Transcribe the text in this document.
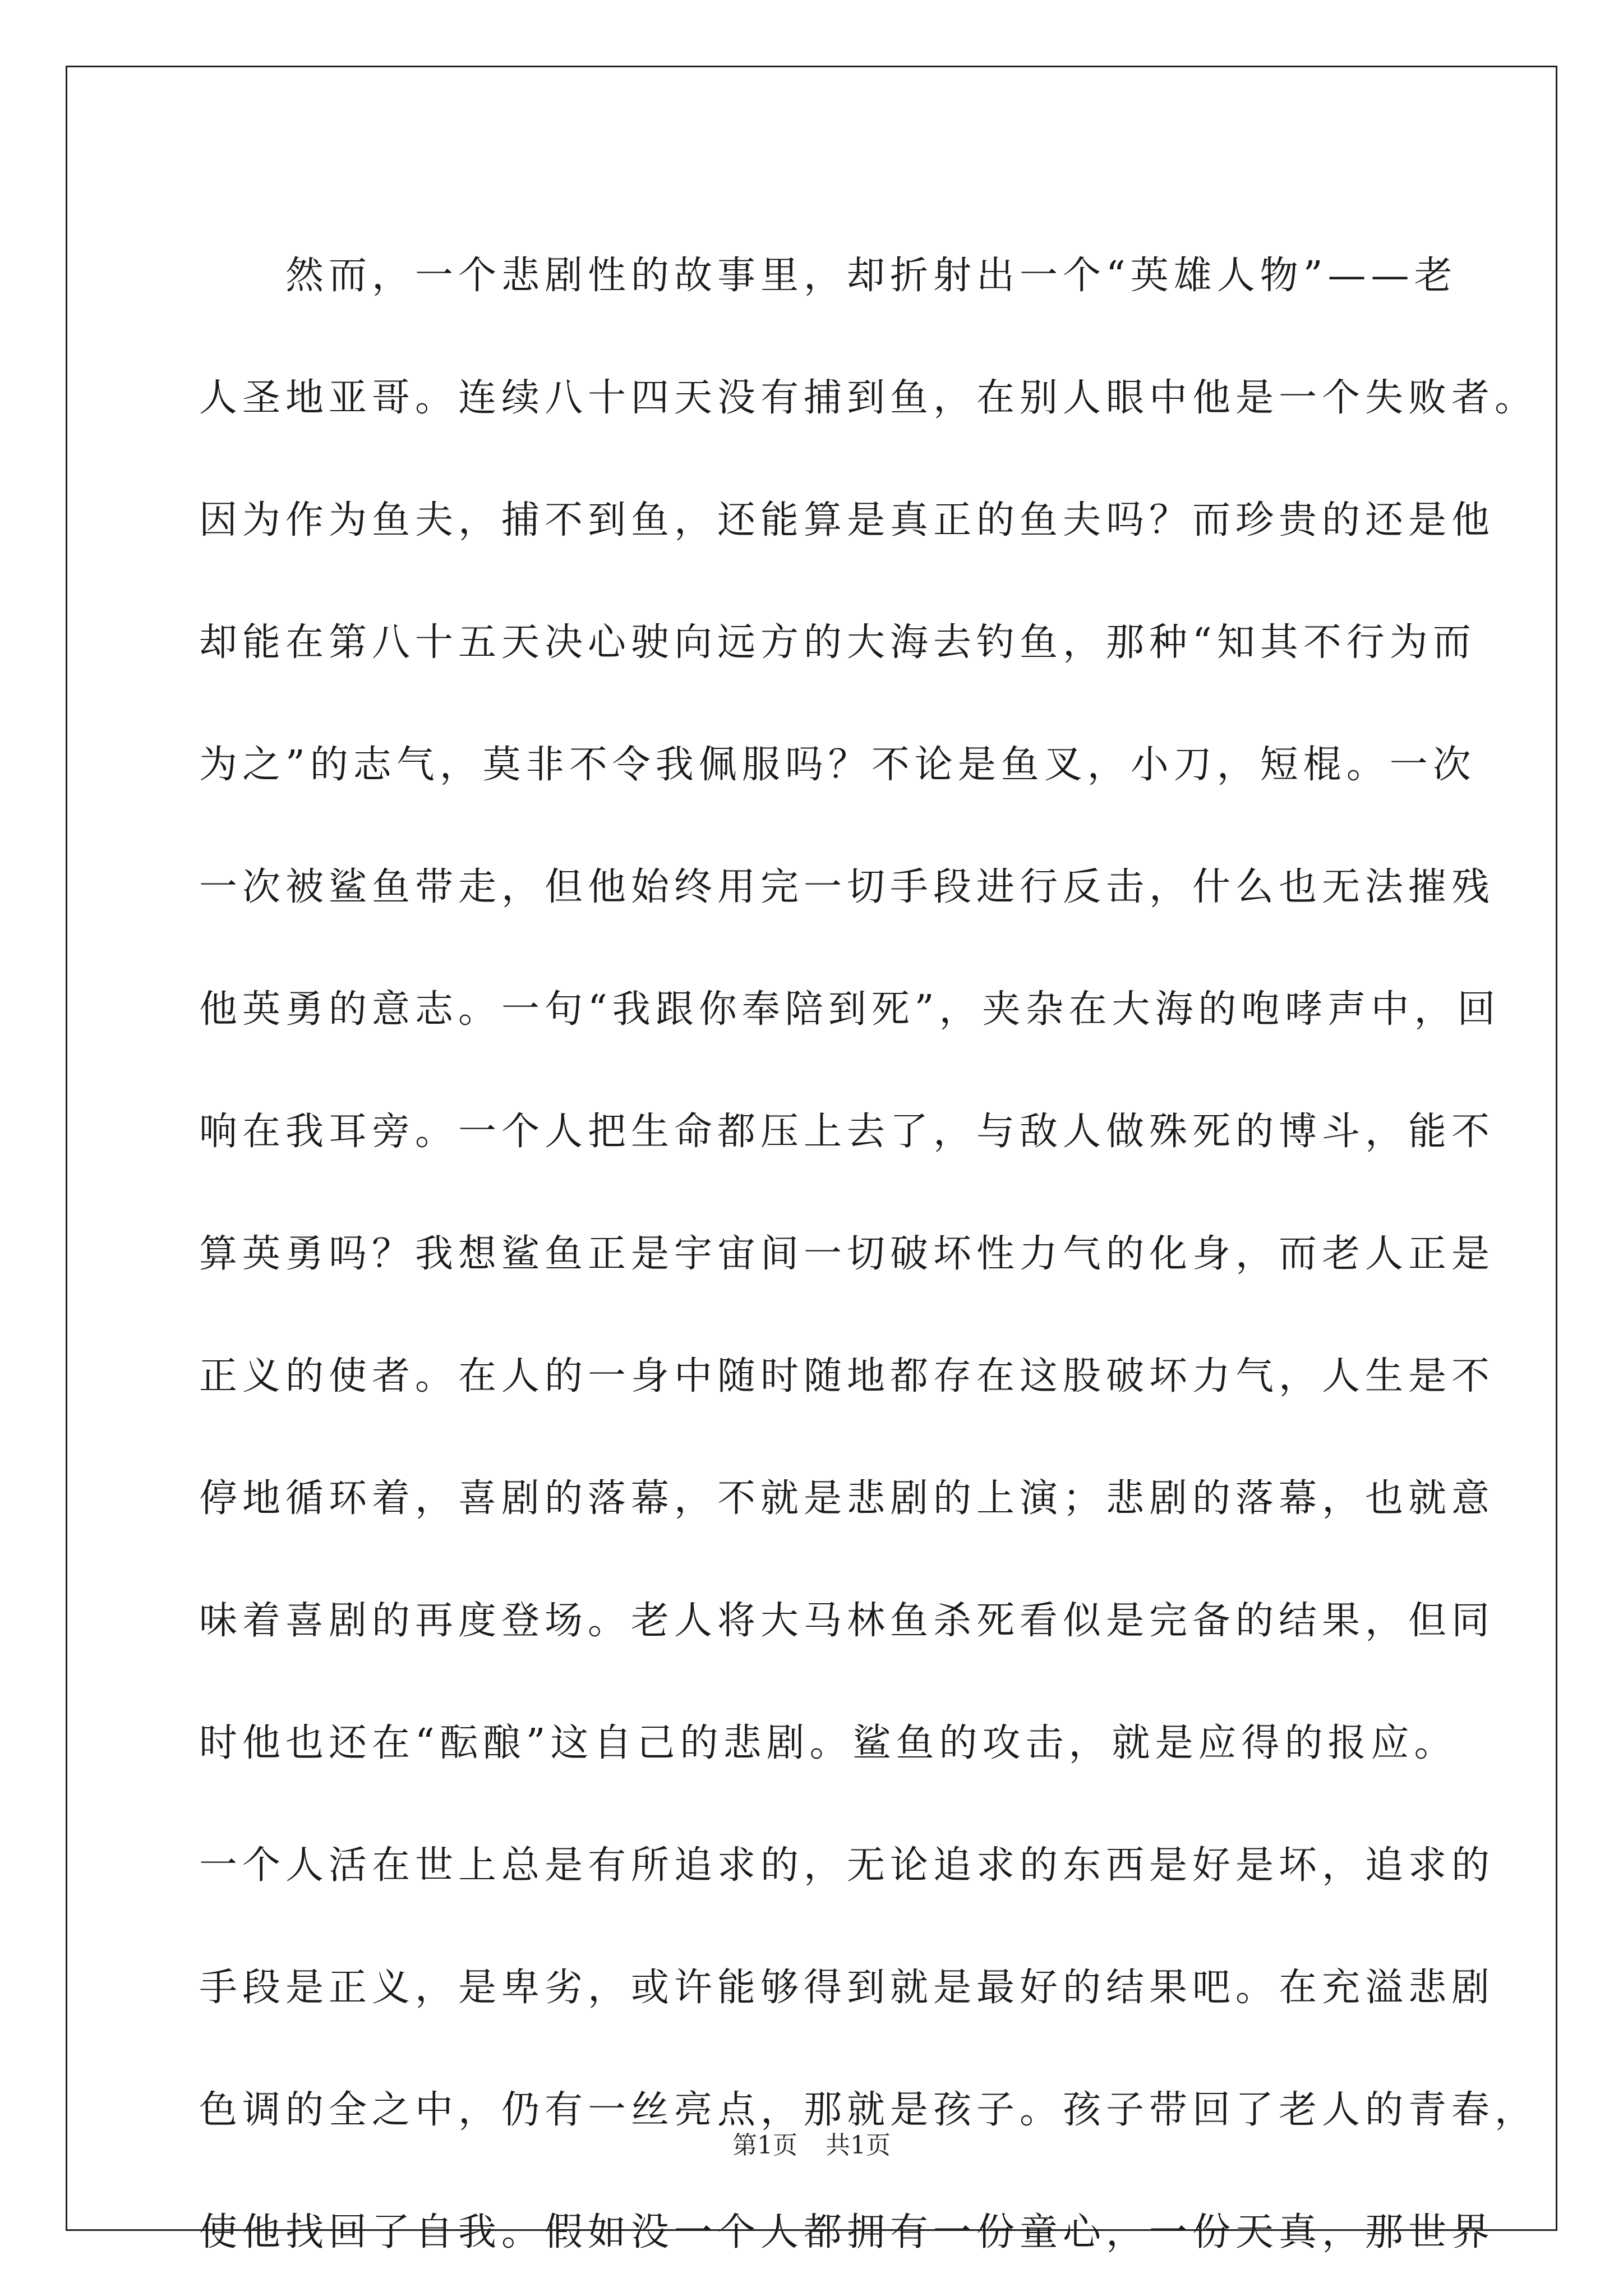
　　然而，一个悲剧性的故事里，却折射出一个“英雄人物”——老
人圣地亚哥。连续八十四天没有捕到鱼，在别人眼中他是一个失败者。
因为作为鱼夫，捕不到鱼，还能算是真正的鱼夫吗？而珍贵的还是他
却能在第八十五天决心驶向远方的大海去钓鱼，那种“知其不行为而
为之”的志气，莫非不令我佩服吗？不论是鱼叉，小刀，短棍。一次
一次被鲨鱼带走，但他始终用完一切手段进行反击，什么也无法摧残
他英勇的意志。一句“我跟你奉陪到死”，夹杂在大海的咆哮声中，回
响在我耳旁。一个人把生命都压上去了，与敌人做殊死的博斗，能不
算英勇吗？我想鲨鱼正是宇宙间一切破坏性力气的化身，而老人正是
正义的使者。在人的一身中随时随地都存在这股破坏力气，人生是不
停地循环着，喜剧的落幕，不就是悲剧的上演；悲剧的落幕，也就意
味着喜剧的再度登场。老人将大马林鱼杀死看似是完备的结果，但同
时他也还在“酝酿”这自己的悲剧。鲨鱼的攻击，就是应得的报应。
一个人活在世上总是有所追求的，无论追求的东西是好是坏，追求的
手段是正义，是卑劣，或许能够得到就是最好的结果吧。在充溢悲剧
色调的全之中，仍有一丝亮点，那就是孩子。孩子带回了老人的青春，
使他找回了自我。假如没一个人都拥有一份童心，一份天真，那世界
第1页 共1页
